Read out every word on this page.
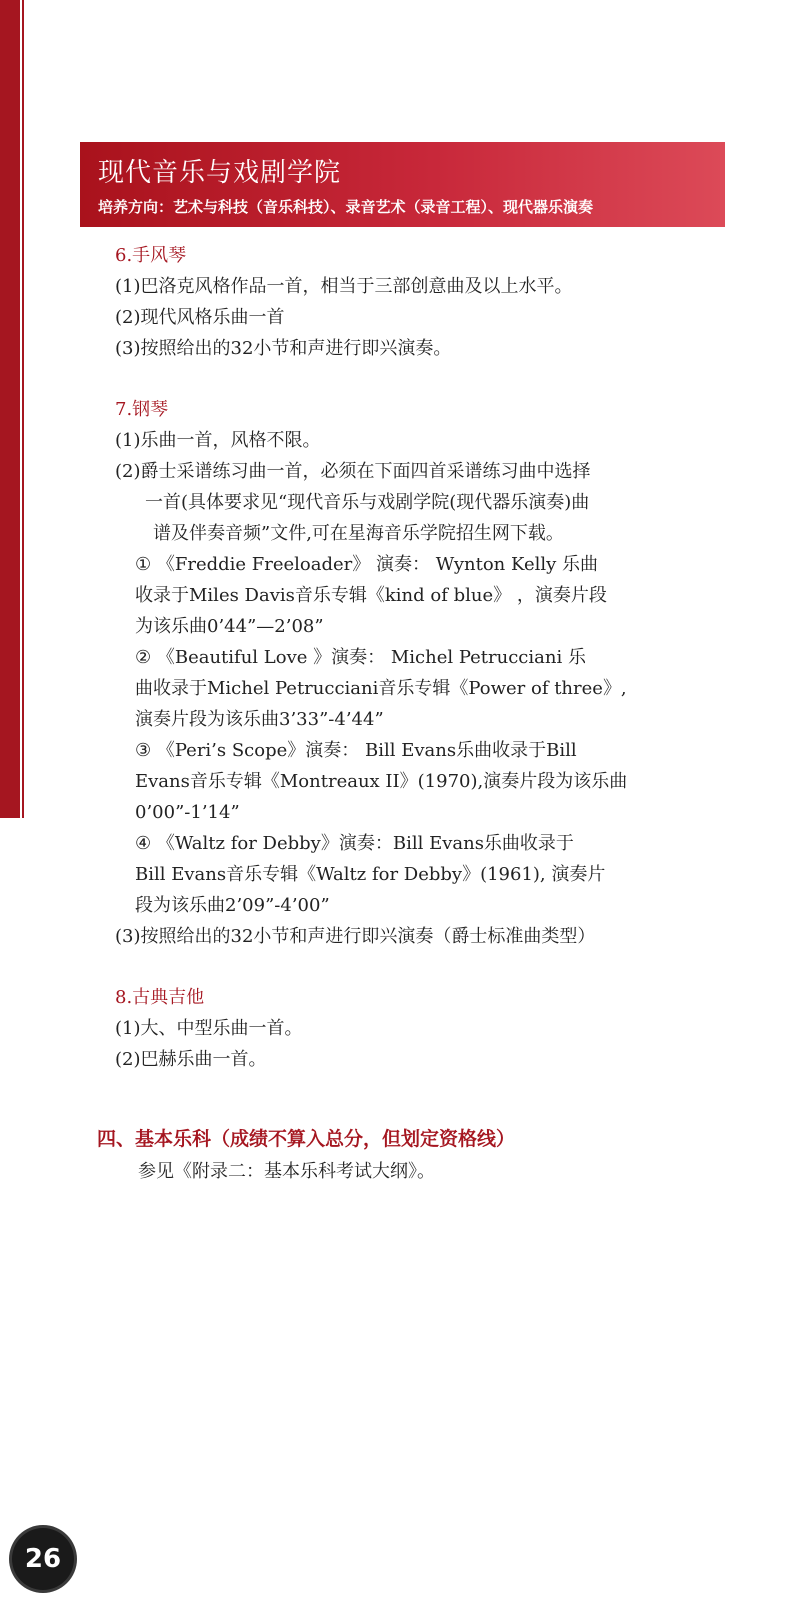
现代音乐与戏剧学院
培养方向：艺术与科技（音乐科技）、录音艺术（录音工程）、现代器乐演奏
6.手风琴
(1)巴洛克风格作品一首，相当于三部创意曲及以上水平。
(2)现代风格乐曲一首
(3)按照给出的32小节和声进行即兴演奏。
7.钢琴
(1)乐曲一首，风格不限。
(2)爵士采谱练习曲一首，必须在下面四首采谱练习曲中选择
一首(具体要求见“现代音乐与戏剧学院(现代器乐演奏)曲
谱及伴奏音频”文件,可在星海音乐学院招生网下载。
① 《Freddie Freeloader》 演奏： Wynton Kelly 乐曲
收录于Miles Davis音乐专辑《kind of blue》 ，演奏片段
为该乐曲0’44”—2’08”
② 《Beautiful Love 》演奏： Michel Petrucciani 乐
曲收录于Michel Petrucciani音乐专辑《Power of three》,
演奏片段为该乐曲3’33”-4’44”
③ 《Peri’s Scope》演奏： Bill Evans乐曲收录于Bill
Evans音乐专辑《Montreaux II》(1970),演奏片段为该乐曲
0’00”-1’14”
④ 《Waltz for Debby》演奏：Bill Evans乐曲收录于
Bill Evans音乐专辑《Waltz for Debby》(1961), 演奏片
段为该乐曲2’09”-4’00”
(3)按照给出的32小节和声进行即兴演奏（爵士标准曲类型）
8.古典吉他
(1)大、中型乐曲一首。
(2)巴赫乐曲一首。
四、基本乐科（成绩不算入总分，但划定资格线）
参见《附录二：基本乐科考试大纲》。
26
